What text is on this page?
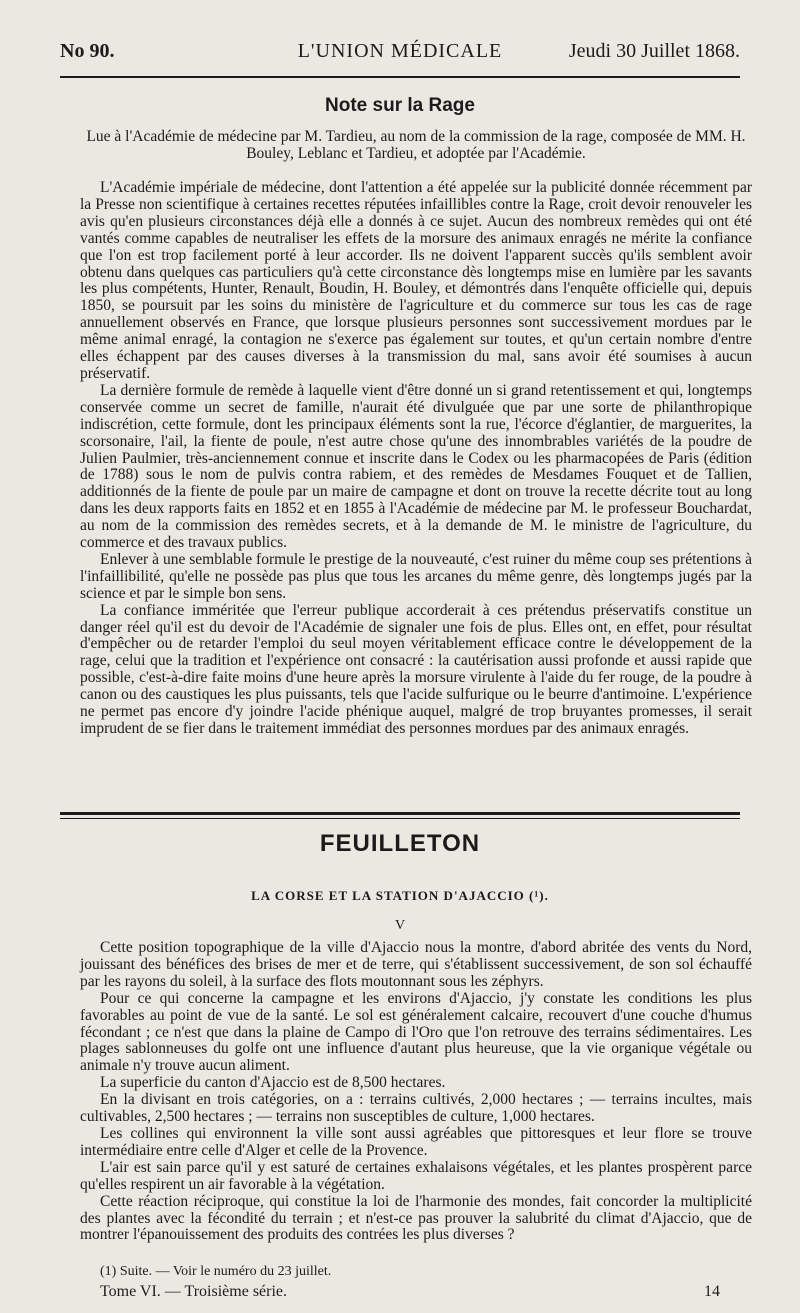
No 90.	L'UNION MÉDICALE	Jeudi 30 Juillet 1868.
Note sur la Rage

Lue à l'Académie de médecine par M. Tardieu, au nom de la commission de la rage, composée de MM. H. Bouley, Leblanc et Tardieu, et adoptée par l'Académie.

L'Académie impériale de médecine, dont l'attention a été appelée sur la publicité donnée récemment par la Presse non scientifique à certaines recettes réputées infaillibles contre la Rage, croit devoir renouveler les avis qu'en plusieurs circonstances déjà elle a donnés à ce sujet. Aucun des nombreux remèdes qui ont été vantés comme capables de neutraliser les effets de la morsure des animaux enragés ne mérite la confiance que l'on est trop facilement porté à leur accorder. Ils ne doivent l'apparent succès qu'ils semblent avoir obtenu dans quelques cas particuliers qu'à cette circonstance dès longtemps mise en lumière par les savants les plus compétents, Hunter, Renault, Boudin, H. Bouley, et démontrés dans l'enquête officielle qui, depuis 1850, se poursuit par les soins du ministère de l'agriculture et du commerce sur tous les cas de rage annuellement observés en France, que lorsque plusieurs personnes sont successivement mordues par le même animal enragé, la contagion ne s'exerce pas également sur toutes, et qu'un certain nombre d'entre elles échappent par des causes diverses à la transmission du mal, sans avoir été soumises à aucun préservatif.

La dernière formule de remède à laquelle vient d'être donné un si grand retentissement et qui, longtemps conservée comme un secret de famille, n'aurait été divulguée que par une sorte de philanthropique indiscrétion, cette formule, dont les principaux éléments sont la rue, l'écorce d'églantier, de marguerites, la scorsonaire, l'ail, la fiente de poule, n'est autre chose qu'une des innombrables variétés de la poudre de Julien Paulmier, très-anciennement connue et inscrite dans le Codex ou les pharmacopées de Paris (édition de 1788) sous le nom de pulvis contra rabiem, et des remèdes de Mesdames Fouquet et de Tallien, additionnés de la fiente de poule par un maire de campagne et dont on trouve la recette décrite tout au long dans les deux rapports faits en 1852 et en 1855 à l'Académie de médecine par M. le professeur Bouchardat, au nom de la commission des remèdes secrets, et à la demande de M. le ministre de l'agriculture, du commerce et des travaux publics.

Enlever à une semblable formule le prestige de la nouveauté, c'est ruiner du même coup ses prétentions à l'infaillibilité, qu'elle ne possède pas plus que tous les arcanes du même genre, dès longtemps jugés par la science et par le simple bon sens.

La confiance imméritée que l'erreur publique accorderait à ces prétendus préservatifs constitue un danger réel qu'il est du devoir de l'Académie de signaler une fois de plus. Elles ont, en effet, pour résultat d'empêcher ou de retarder l'emploi du seul moyen véritablement efficace contre le développement de la rage, celui que la tradition et l'expérience ont consacré : la cautérisation aussi profonde et aussi rapide que possible, c'est-à-dire faite moins d'une heure après la morsure virulente à l'aide du fer rouge, de la poudre à canon ou des caustiques les plus puissants, tels que l'acide sulfurique ou le beurre d'antimoine. L'expérience ne permet pas encore d'y joindre l'acide phénique auquel, malgré de trop bruyantes promesses, il serait imprudent de se fier dans le traitement immédiat des personnes mordues par des animaux enragés.

FEUILLETON
LA CORSE ET LA STATION D'AJACCIO (¹).
V

Cette position topographique de la ville d'Ajaccio nous la montre, d'abord abritée des vents du Nord, jouissant des bénéfices des brises de mer et de terre, qui s'établissent successivement, de son sol échauffé par les rayons du soleil, à la surface des flots moutonnant sous les zéphyrs.

Pour ce qui concerne la campagne et les environs d'Ajaccio, j'y constate les conditions les plus favorables au point de vue de la santé. Le sol est généralement calcaire, recouvert d'une couche d'humus fécondant ; ce n'est que dans la plaine de Campo di l'Oro que l'on retrouve des terrains sédimentaires. Les plages sablonneuses du golfe ont une influence d'autant plus heureuse, que la vie organique végétale ou animale n'y trouve aucun aliment.

La superficie du canton d'Ajaccio est de 8,500 hectares.

En la divisant en trois catégories, on a : terrains cultivés, 2,000 hectares ; — terrains incultes, mais cultivables, 2,500 hectares ; — terrains non susceptibles de culture, 1,000 hectares.

Les collines qui environnent la ville sont aussi agréables que pittoresques et leur flore se trouve intermédiaire entre celle d'Alger et celle de la Provence.

L'air est sain parce qu'il y est saturé de certaines exhalaisons végétales, et les plantes prospèrent parce qu'elles respirent un air favorable à la végétation.

Cette réaction réciproque, qui constitue la loi de l'harmonie des mondes, fait concorder la multiplicité des plantes avec la fécondité du terrain ; et n'est-ce pas prouver la salubrité du climat d'Ajaccio, que de montrer l'épanouissement des produits des contrées les plus diverses ?

(1) Suite. — Voir le numéro du 23 juillet.
Tome VI. — Troisième série.	14
